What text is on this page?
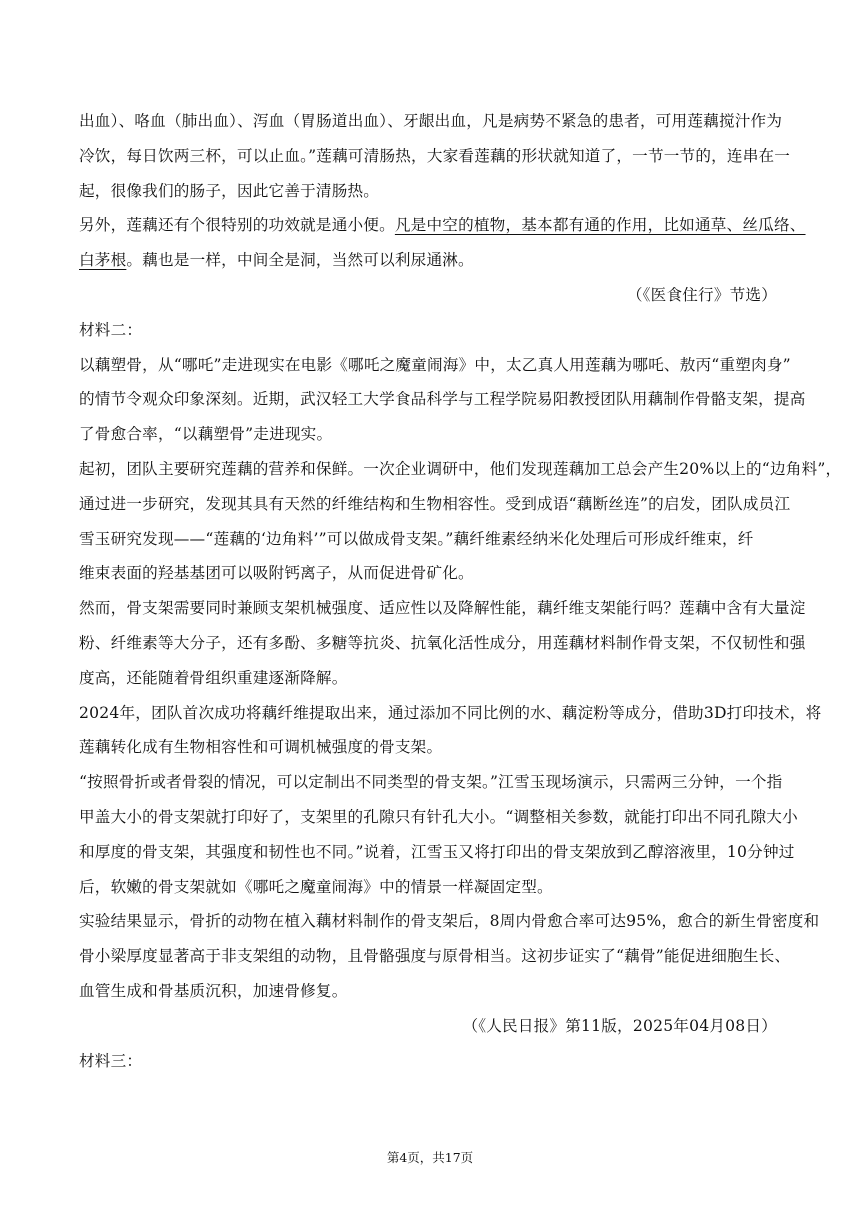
出血）、咯血（肺出血）、泻血（胃肠道出血）、牙龈出血，凡是病势不紧急的患者，可用莲藕搅汁作为
冷饮，每日饮两三杯，可以止血。”莲藕可清肠热，大家看莲藕的形状就知道了，一节一节的，连串在一
起，很像我们的肠子，因此它善于清肠热。
另外，莲藕还有个很特别的功效就是通小便。凡是中空的植物，基本都有通的作用，比如通草、丝瓜络、
白茅根。藕也是一样，中间全是洞，当然可以利尿通淋。
（《医食住行》节选）
材料二：
以藕塑骨，从“哪吒”走进现实在电影《哪吒之魔童闹海》中，太乙真人用莲藕为哪吒、敖丙“重塑肉身”
的情节令观众印象深刻。近期，武汉轻工大学食品科学与工程学院易阳教授团队用藕制作骨骼支架，提高
了骨愈合率，“以藕塑骨”走进现实。
起初，团队主要研究莲藕的营养和保鲜。一次企业调研中，他们发现莲藕加工总会产生20%以上的“边角料”，
通过进一步研究，发现其具有天然的纤维结构和生物相容性。受到成语“藕断丝连”的启发，团队成员江
雪玉研究发现——“莲藕的‘边角料’”可以做成骨支架。”藕纤维素经纳米化处理后可形成纤维束，纤
维束表面的羟基基团可以吸附钙离子，从而促进骨矿化。
然而，骨支架需要同时兼顾支架机械强度、适应性以及降解性能，藕纤维支架能行吗？莲藕中含有大量淀
粉、纤维素等大分子，还有多酚、多糖等抗炎、抗氧化活性成分，用莲藕材料制作骨支架，不仅韧性和强
度高，还能随着骨组织重建逐渐降解。
2024年，团队首次成功将藕纤维提取出来，通过添加不同比例的水、藕淀粉等成分，借助3D打印技术，将
莲藕转化成有生物相容性和可调机械强度的骨支架。
“按照骨折或者骨裂的情况，可以定制出不同类型的骨支架。”江雪玉现场演示，只需两三分钟，一个指
甲盖大小的骨支架就打印好了，支架里的孔隙只有针孔大小。“调整相关参数，就能打印出不同孔隙大小
和厚度的骨支架，其强度和韧性也不同。”说着，江雪玉又将打印出的骨支架放到乙醇溶液里，10分钟过
后，软嫩的骨支架就如《哪吒之魔童闹海》中的情景一样凝固定型。
实验结果显示，骨折的动物在植入藕材料制作的骨支架后，8周内骨愈合率可达95%，愈合的新生骨密度和
骨小梁厚度显著高于非支架组的动物，且骨骼强度与原骨相当。这初步证实了“藕骨”能促进细胞生长、
血管生成和骨基质沉积，加速骨修复。
（《人民日报》第11版，2025年04月08日）
材料三：
第4页，共17页
